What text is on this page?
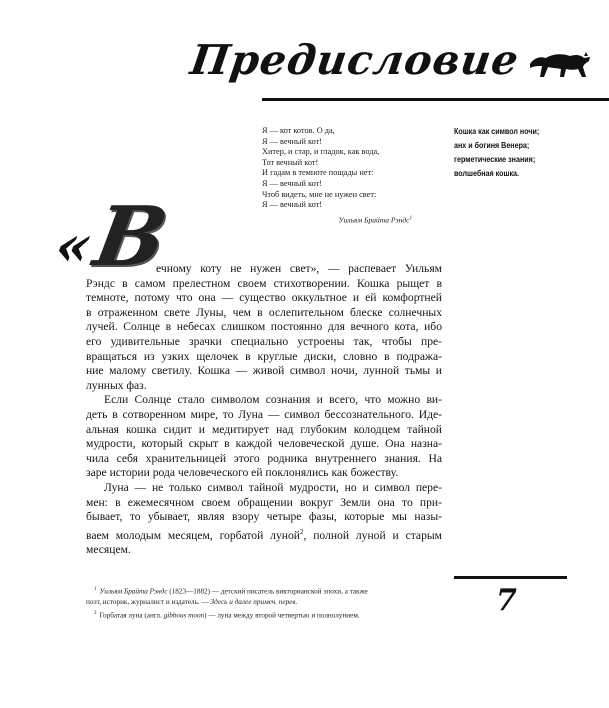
Предисловие
Я — кот котов. О да,
Я — вечный кот!
Хитер, и стар, и гладок, как вода,
Тот вечный кот!
И гадам в темноте пощады нет:
Я — вечный кот!
Чтоб видеть, мне не нужен свет:
Я — вечный кот!
Уильям Брайта Рэндс$^1$
Кошка как символ ночи;
анх и богиня Венера;
герметические знания;
волшебная кошка.
«
В
ечному коту не нужен свет», — распевает Уильям
Рэндс в самом прелестном своем стихотворении. Кошка рыщет в
темноте, потому что она — существо оккультное и ей комфортней
в отраженном свете Луны, чем в ослепительном блеске солнечных
лучей. Солнце в небесах слишком постоянно для вечного кота, ибо
его удивительные зрачки специально устроены так, чтобы пре-
вращаться из узких щелочек в круглые диски, словно в подража-
ние малому светилу. Кошка — живой символ ночи, лунной тьмы и
лунных фаз.
Если Солнце стало символом сознания и всего, что можно ви-
деть в сотворенном мире, то Луна — символ бессознательного. Иде-
альная кошка сидит и медитирует над глубоким колодцем тайной
мудрости, который скрыт в каждой человеческой душе. Она назна-
чила себя хранительницей этого родника внутреннего знания. На
заре истории рода человеческого ей поклонялись как божеству.
Луна — не только символ тайной мудрости, но и символ пере-
мен: в ежемесячном своем обращении вокруг Земли она то при-
бывает, то убывает, являя взору четыре фазы, которые мы назы-
ваем молодым месяцем, горбатой луной$^2$, полной луной и старым
месяцем.
7
$^1$ Уильям Брайта Рэндс (1823—1882) — детский писатель викторианской эпохи, а также
поэт, историк, журналист и издатель. — Здесь и далее примеч. перев.
$^2$ Горбатая луна (англ. gibbous moon) — луна между второй четвертью и полнолунием.
